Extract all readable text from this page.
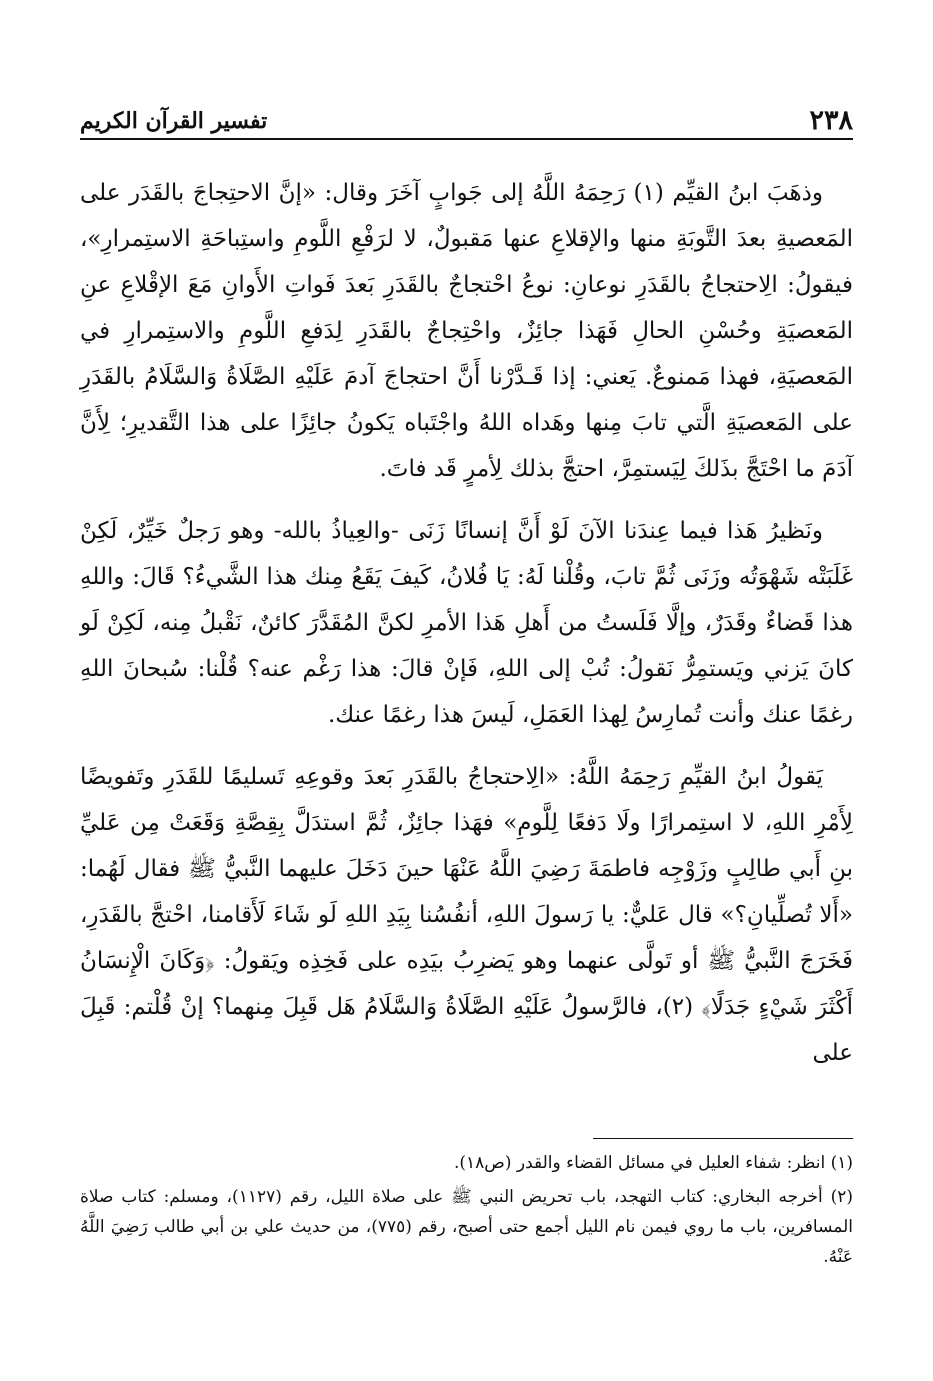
٢٣٨
تفسير القرآن الكريم

وذهَبَ ابنُ القيِّم (١) رَحِمَهُ اللَّهُ إلى جَوابٍ آخَرَ وقال: «إنَّ الاحتِجاجَ بالقَدَر على المَعصيةِ بعدَ التَّوبَةِ منها والإقلاعِ عنها مَقبولٌ، لا لرَفْعِ اللَّومِ واستِباحَةِ الاستِمرارِ»، فيقولُ: الِاحتجاجُ بالقَدَرِ نوعانِ: نوعُ احْتجاجٌ بالقَدَرِ بَعدَ فَواتِ الأَوانِ مَعَ الإقْلاعِ عنِ المَعصيَةِ وحُسْنِ الحالِ فَهَذا جائِزٌ، واحْتِجاجٌ بالقَدَرِ لِدَفعِ اللَّومِ والاستِمرارِ في المَعصيَةِ، فهذا مَمنوعٌ. يَعني: إذا قَـدَّرْنا أَنَّ احتجاجَ آدمَ عَلَيْهِ الصَّلَاةُ وَالسَّلَامُ بالقَدَرِ على المَعصيَةِ الَّتي تابَ مِنها وهَداه اللهُ واجْتَباه يَكونُ جائِزًا على هذا التَّقديرِ؛ لِأَنَّ آدَمَ ما احْتَجَّ بذَلكَ لِيَستمِرَّ، احتجَّ بذلك لِأمرٍ قَد فاتَ.

ونَظيرُ هَذا فيما عِندَنا الآنَ لَوْ أَنَّ إنسانًا زَنَى -والعِياذُ بالله- وهو رَجلٌ خَيِّرٌ، لَكِنْ غَلَبَتْه شَهْوَتُه وزَنَى ثُمَّ تابَ، وقُلْنا لَهُ: يَا فُلانُ، كَيفَ يَقَعُ مِنك هذا الشَّيءُ؟ قَالَ: واللهِ هذا قَضاءٌ وقَدَرٌ، وإلَّا فَلَستُ من أَهلِ هَذا الأمرِ لكنَّ المُقَدَّرَ كائنٌ، نَقْبلُ مِنه، لَكِنْ لَو كانَ يَزني ويَستمِرُّ نَقولُ: تُبْ إلى اللهِ، فَإنْ قالَ: هذا رَغْم عنه؟ قُلْنا: سُبحانَ اللهِ رغمًا عنك وأنت تُمارِسُ لِهذا العَمَلِ، لَيسَ هذا رغمًا عنك.

يَقولُ ابنُ القيِّمِ رَحِمَهُ اللَّهُ: «الِاحتجاجُ بالقَدَرِ بَعدَ وقوعِهِ تَسليمًا للقَدَرِ وتَفويضًا لِأَمْرِ اللهِ، لا استِمرارًا ولَا دَفعًا لِلَّومِ» فهَذا جائِزٌ، ثُمَّ استدَلَّ بِقِصَّةِ وَقَعَتْ مِن عَليِّ بنِ أَبي طالِبٍ وزَوْجِه فاطمَةَ رَضِيَ اللَّهُ عَنْهَا حينَ دَخَلَ عليهما النَّبيُّ ﷺ فقال لَهُما: «أَلا تُصلِّيانِ؟» قال عَليٌّ: يا رَسولَ اللهِ، أنفُسُنا بِيَدِ اللهِ لَو شَاءَ لَأَقامنا، احْتجَّ بالقَدَرِ، فَخَرَجَ النَّبيُّ ﷺ أو تَولَّى عنهما وهو يَضرِبُ بيَدِه على فَخِذِه ويَقولُ: ﴿وَكَانَ الْإِنسَانُ أَكْثَرَ شَيْءٍ جَدَلًا﴾ (٢)، فالرَّسولُ عَلَيْهِ الصَّلَاةُ وَالسَّلَامُ هَل قَبِلَ مِنهما؟ إنْ قُلْتم: قَبِلَ على

(١) انظر: شفاء العليل في مسائل القضاء والقدر (ص١٨).

(٢) أخرجه البخاري: كتاب التهجد، باب تحريض النبي ﷺ على صلاة الليل، رقم (١١٢٧)، ومسلم: كتاب صلاة المسافرين، باب ما روي فيمن نام الليل أجمع حتى أصبح، رقم (٧٧٥)، من حديث علي بن أبي طالب رَضِيَ اللَّهُ عَنْهُ.
